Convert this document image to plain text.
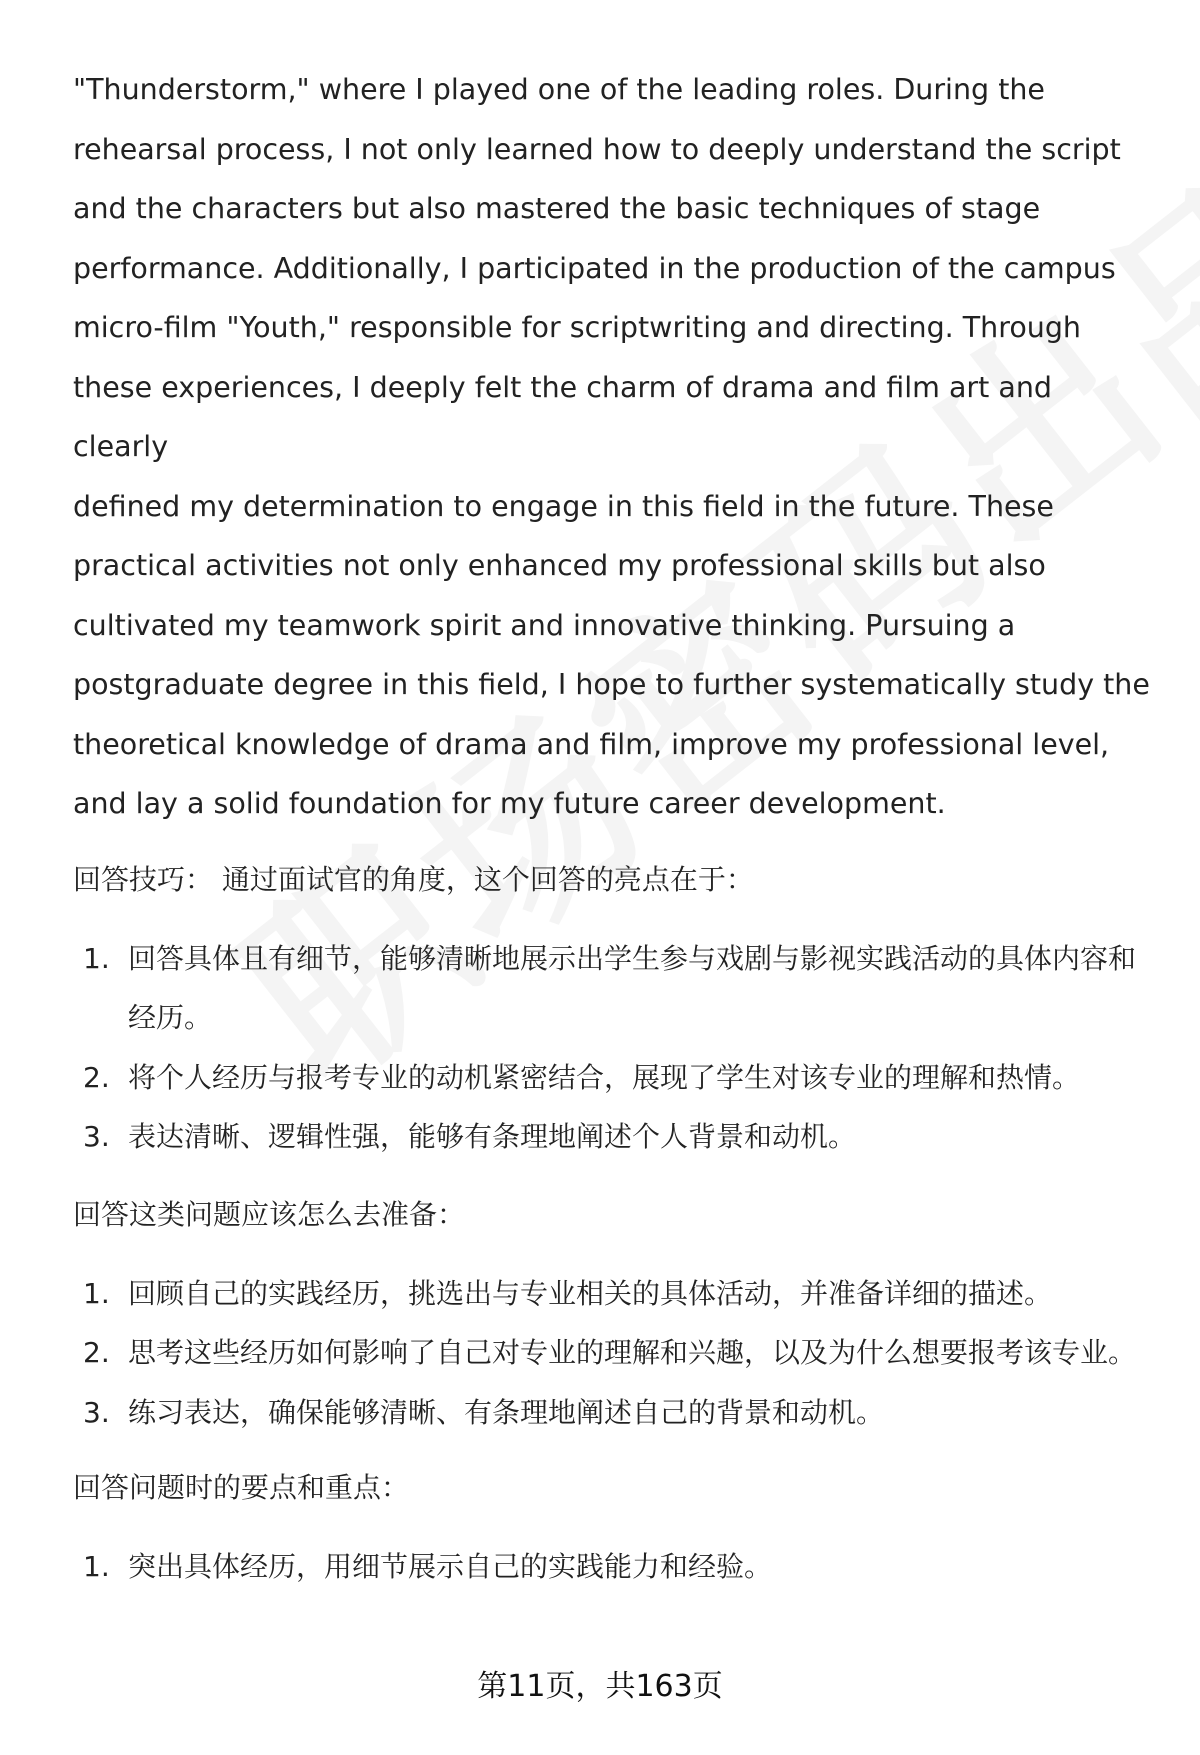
"Thunderstorm," where I played one of the leading roles. During the
rehearsal process, I not only learned how to deeply understand the script
and the characters but also mastered the basic techniques of stage
performance. Additionally, I participated in the production of the campus
micro-film "Youth," responsible for scriptwriting and directing. Through
these experiences, I deeply felt the charm of drama and film art and clearly
defined my determination to engage in this field in the future. These
practical activities not only enhanced my professional skills but also
cultivated my teamwork spirit and innovative thinking. Pursuing a
postgraduate degree in this field, I hope to further systematically study the
theoretical knowledge of drama and film, improve my professional level,
and lay a solid foundation for my future career development.

回答技巧： 通过面试官的角度，这个回答的亮点在于：

1. 回答具体且有细节，能够清晰地展示出学生参与戏剧与影视实践活动的具体内容和经历。
2. 将个人经历与报考专业的动机紧密结合，展现了学生对该专业的理解和热情。
3. 表达清晰、逻辑性强，能够有条理地阐述个人背景和动机。

回答这类问题应该怎么去准备：

1. 回顾自己的实践经历，挑选出与专业相关的具体活动，并准备详细的描述。
2. 思考这些经历如何影响了自己对专业的理解和兴趣，以及为什么想要报考该专业。
3. 练习表达，确保能够清晰、有条理地阐述自己的背景和动机。

回答问题时的要点和重点：

1. 突出具体经历，用细节展示自己的实践能力和经验。
第11页，共163页
